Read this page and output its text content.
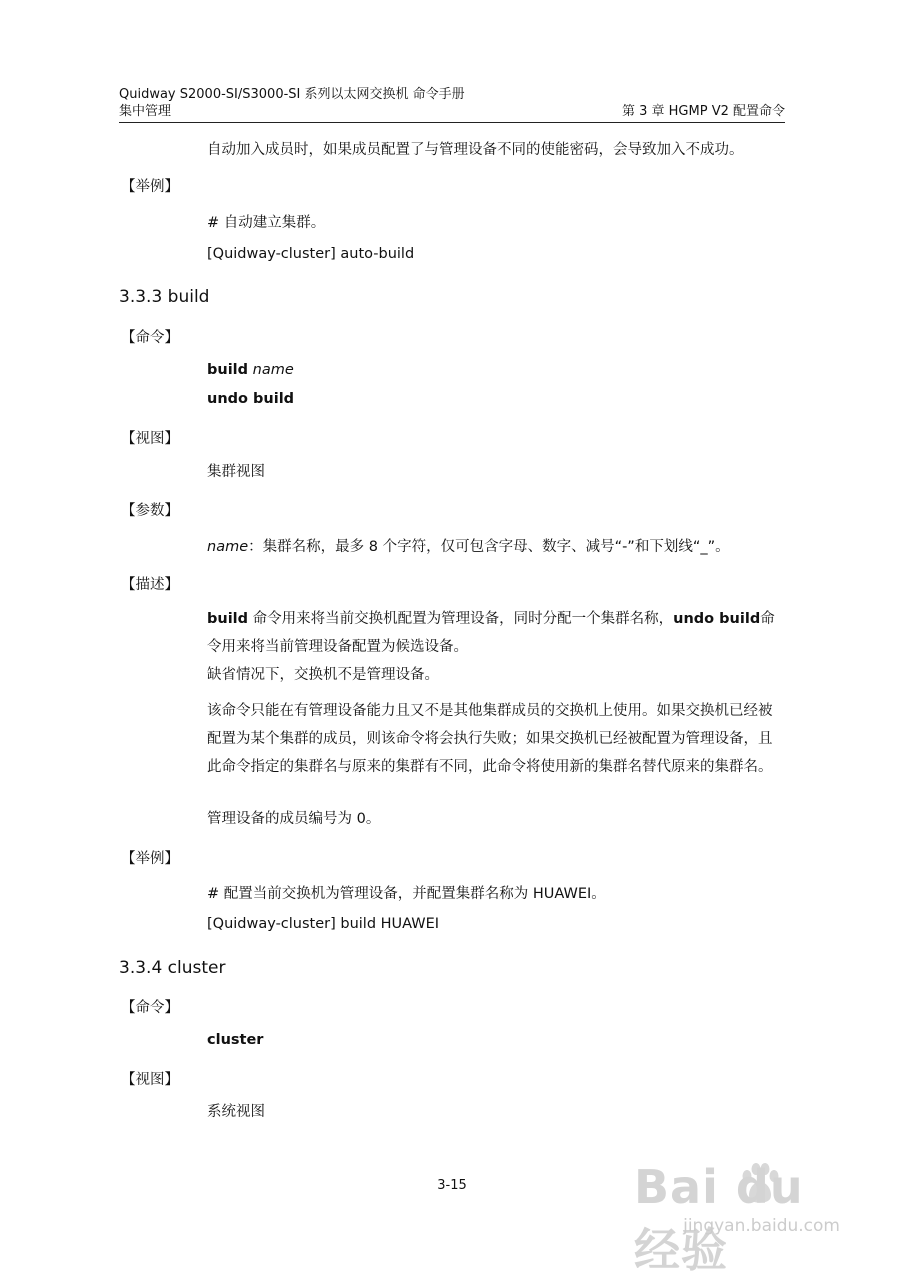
Quidway S2000-SI/S3000-SI 系列以太网交换机 命令手册
集中管理	第 3 章 HGMP V2 配置命令
自动加入成员时，如果成员配置了与管理设备不同的使能密码，会导致加入不成功。
【举例】
# 自动建立集群。
[Quidway-cluster] auto-build
3.3.3 build
【命令】
build name
undo build
【视图】
集群视图
【参数】
name：集群名称，最多 8 个字符，仅可包含字母、数字、减号“-”和下划线“_”。
【描述】
build 命令用来将当前交换机配置为管理设备，同时分配一个集群名称，undo build命令用来将当前管理设备配置为候选设备。
缺省情况下，交换机不是管理设备。
该命令只能在有管理设备能力且又不是其他集群成员的交换机上使用。如果交换机已经被配置为某个集群的成员，则该命令将会执行失败；如果交换机已经被配置为管理设备，且此命令指定的集群名与原来的集群有不同，此命令将使用新的集群名替代原来的集群名。
管理设备的成员编号为 0。
【举例】
# 配置当前交换机为管理设备，并配置集群名称为 HUAWEI。
[Quidway-cluster] build HUAWEI
3.3.4 cluster
【命令】
cluster
【视图】
系统视图
3-15	Bai du 经验
jingyan.baidu.com
